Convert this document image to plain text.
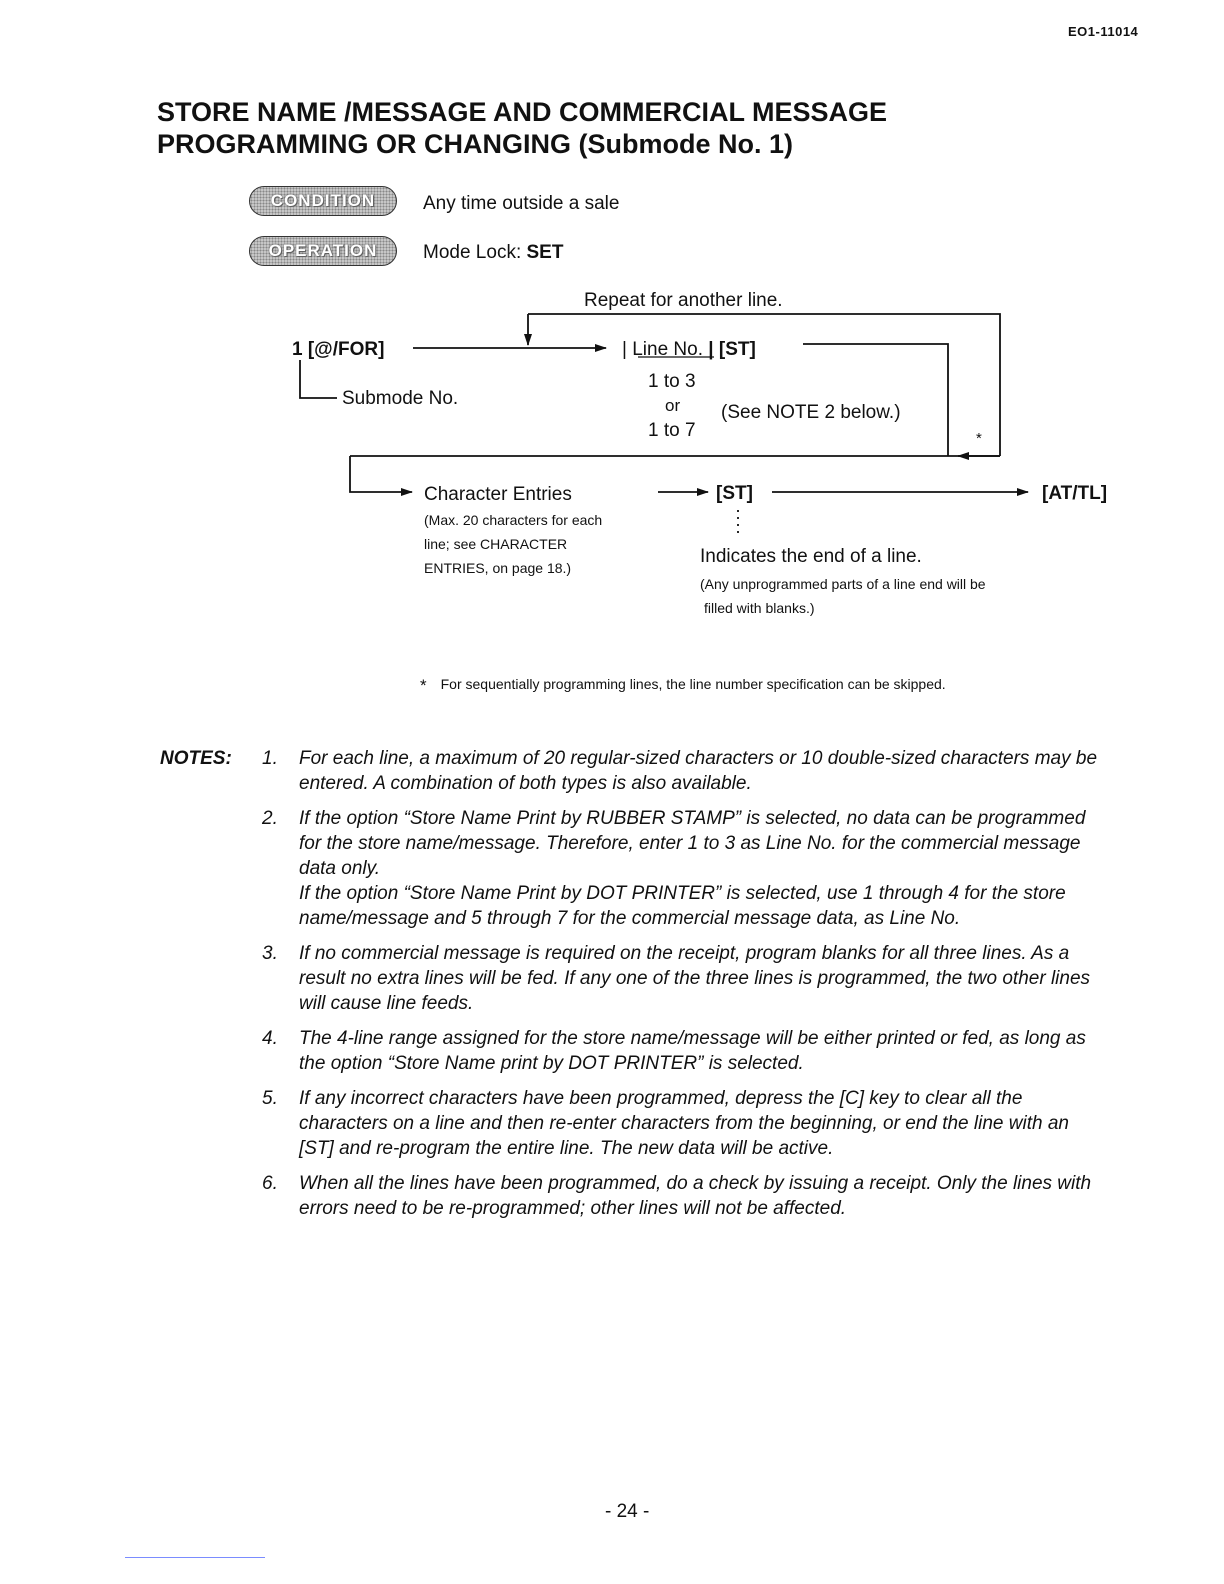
EO1-11014
STORE NAME /MESSAGE AND COMMERCIAL MESSAGE
PROGRAMMING OR CHANGING (Submode No. 1)
CONDITION	Any time outside a sale
OPERATION	Mode Lock: SET
Repeat for another line.
1 [@/FOR]
Submode No.
| Line No. | [ST]
1 to 3
or
1 to 7
(See NOTE 2 below.)
*
Character Entries
(Max. 20 characters for each
line; see CHARACTER
ENTRIES, on page 18.)
[ST]	[AT/TL]
Indicates the end of a line.
(Any unprogrammed parts of a line end will be
filled with blanks.)
* For sequentially programming lines, the line number specification can be skipped.
NOTES: 1.	For each line, a maximum of 20 regular-sized characters or 10 double-sized characters may be entered. A combination of both types is also available.

2.	If the option “Store Name Print by RUBBER STAMP” is selected, no data can be programmed for the store name/message. Therefore, enter 1 to 3 as Line No. for the commercial message data only.

If the option “Store Name Print by DOT PRINTER” is selected, use 1 through 4 for the store name/message and 5 through 7 for the commercial message data, as Line No.

3.	If no commercial message is required on the receipt, program blanks for all three lines. As a result no extra lines will be fed. If any one of the three lines is programmed, the two other lines will cause line feeds.

4.	The 4-line range assigned for the store name/message will be either printed or fed, as long as the option “Store Name print by DOT PRINTER” is selected.

5.	If any incorrect characters have been programmed, depress the [C] key to clear all the characters on a line and then re-enter characters from the beginning, or end the line with an [ST] and re-program the entire line. The new data will be active.

6.	When all the lines have been programmed, do a check by issuing a receipt. Only the lines with errors need to be re-programmed; other lines will not be affected.

- 24 -
